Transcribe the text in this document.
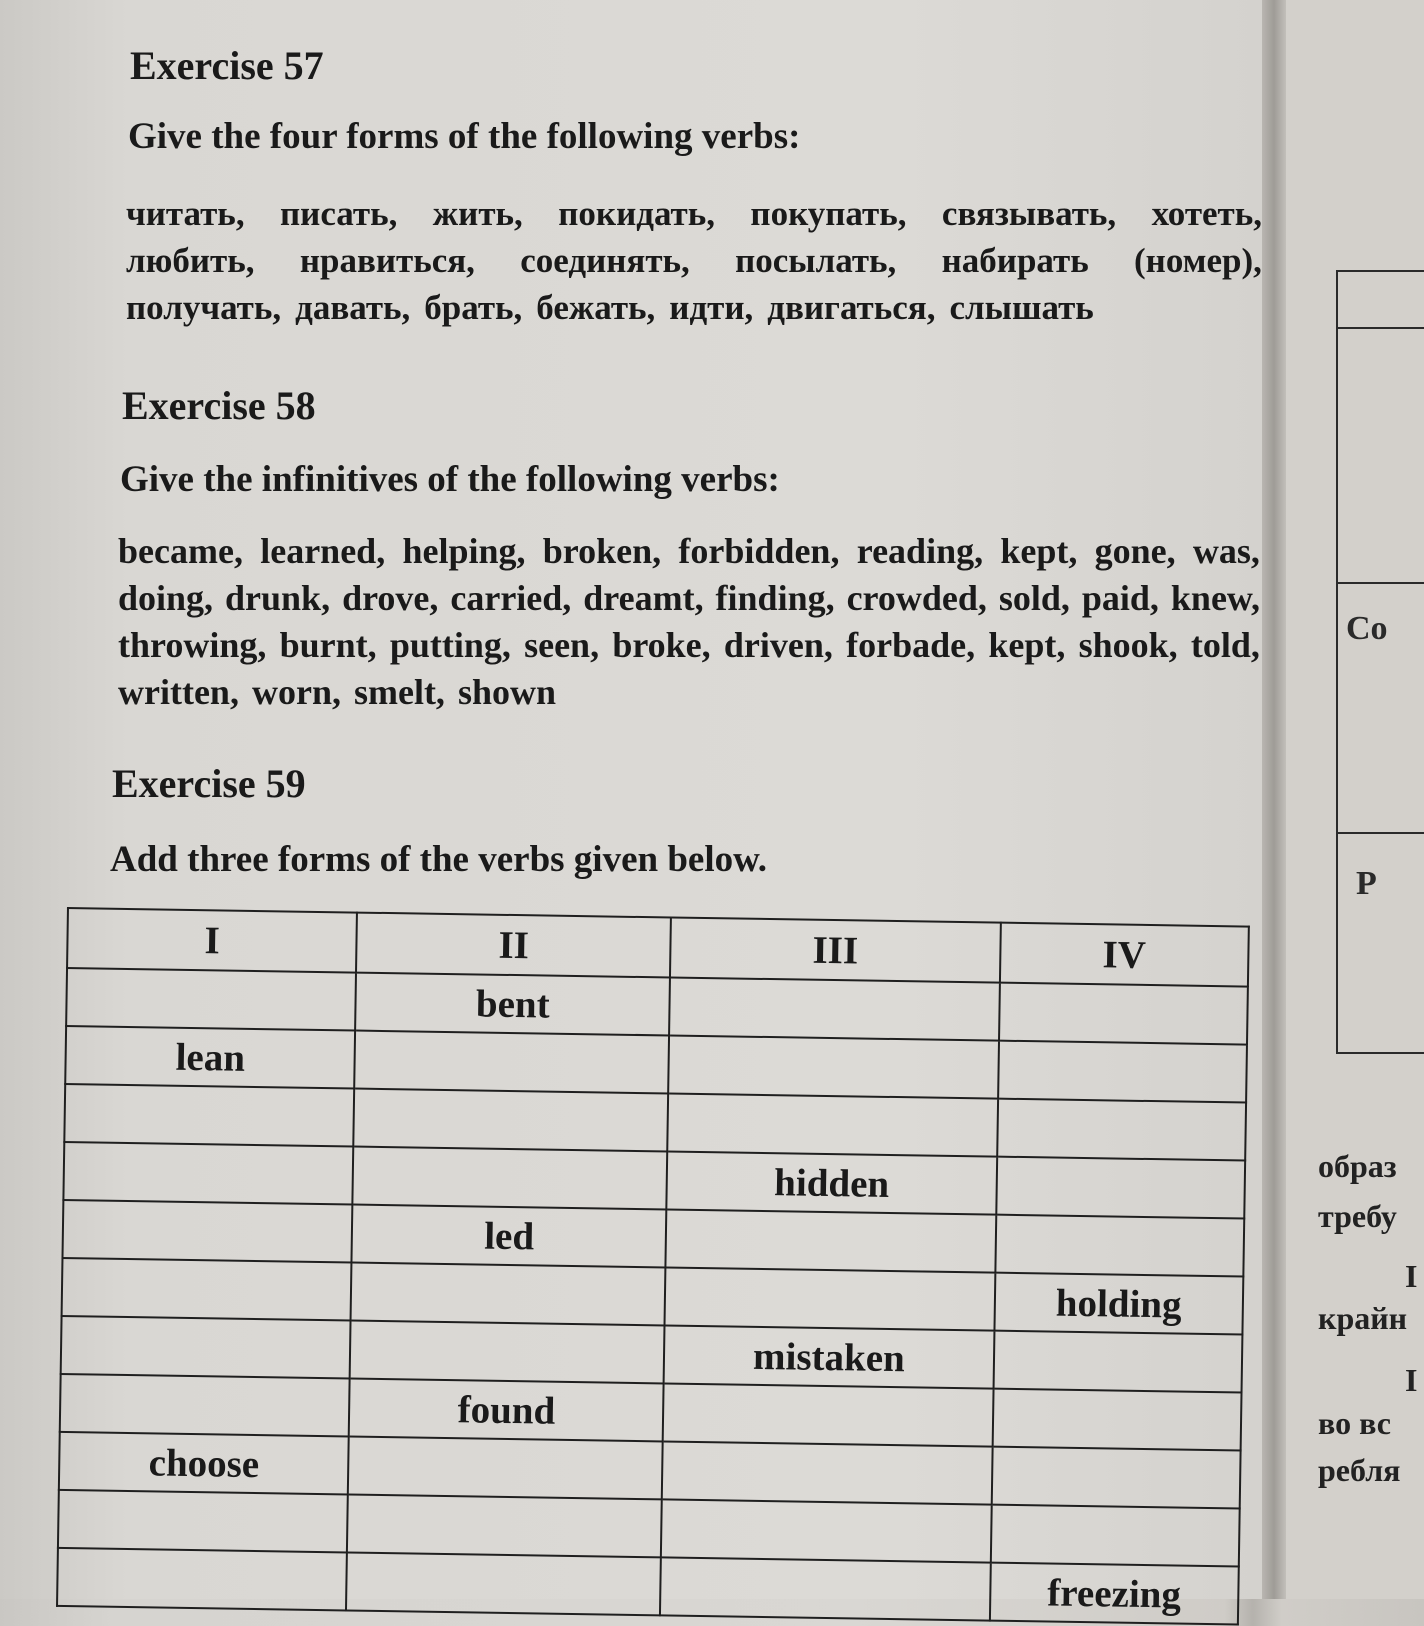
Со
Р
образ
требу
I
крайн
I
во вс
ребля
Exercise 57
Give the four forms of the following verbs:
читать, писать, жить, покидать, покупать, связывать, хотеть,
любить, нравиться, соединять, посылать, набирать (номер),
получать, давать, брать, бежать, идти, двигаться, слышать
Exercise 58
Give the infinitives of the following verbs:
became, learned, helping, broken, forbidden, reading, kept, gone, was,
doing, drunk, drove, carried, dreamt, finding, crowded, sold, paid, knew,
throwing, burnt, putting, seen, broke, driven, forbade, kept, shook, told,
written, worn, smelt, shown
Exercise 59
Add three forms of the verbs given below.
I	II	III	IV
	bent		
lean			

		hidden	
	led		
			holding
		mistaken	
	found		
choose			

			freezing
